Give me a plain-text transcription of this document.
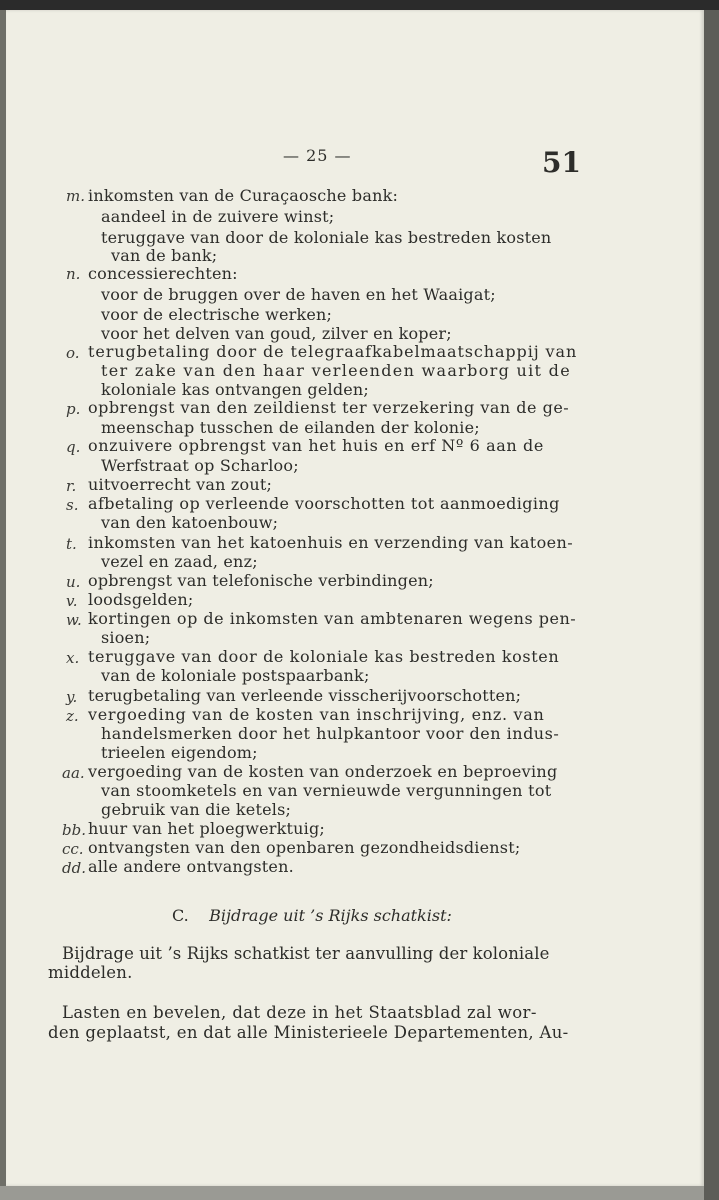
— 25 —	51
m. inkomsten van de Curaçaosche bank:
aandeel in de zuivere winst;
teruggave van door de koloniale kas bestreden kosten
van de bank;
n. concessierechten:
voor de bruggen over de haven en het Waaigat;
voor de electrische werken;
voor het delven van goud, zilver en koper;
o. terugbetaling door de telegraafkabelmaatschappij van
ter zake van den haar verleenden waarborg uit de
koloniale kas ontvangen gelden;
p. opbrengst van den zeildienst ter verzekering van de ge-
meenschap tusschen de eilanden der kolonie;
q. onzuivere opbrengst van het huis en erf Nº 6 aan de
Werfstraat op Scharloo;
r. uitvoerrecht van zout;
s. afbetaling op verleende voorschotten tot aanmoediging
van den katoenbouw;
t. inkomsten van het katoenhuis en verzending van katoen-
vezel en zaad, enz;
u. opbrengst van telefonische verbindingen;
v. loodsgelden;
w. kortingen op de inkomsten van ambtenaren wegens pen-
sioen;
x. teruggave van door de koloniale kas bestreden kosten
van de koloniale postspaarbank;
y. terugbetaling van verleende visscherijvoorschotten;
z. vergoeding van de kosten van inschrijving, enz. van
handelsmerken door het hulpkantoor voor den indus-
trieelen eigendom;
aa. vergoeding van de kosten van onderzoek en beproeving
van stoomketels en van vernieuwde vergunningen tot
gebruik van die ketels;
bb. huur van het ploegwerktuig;
cc. ontvangsten van den openbaren gezondheidsdienst;
dd. alle andere ontvangsten.
C. Bijdrage uit ’s Rijks schatkist:
Bijdrage uit ’s Rijks schatkist ter aanvulling der koloniale
middelen.
Lasten en bevelen, dat deze in het Staatsblad zal wor-
den geplaatst, en dat alle Ministerieele Departementen, Au-
